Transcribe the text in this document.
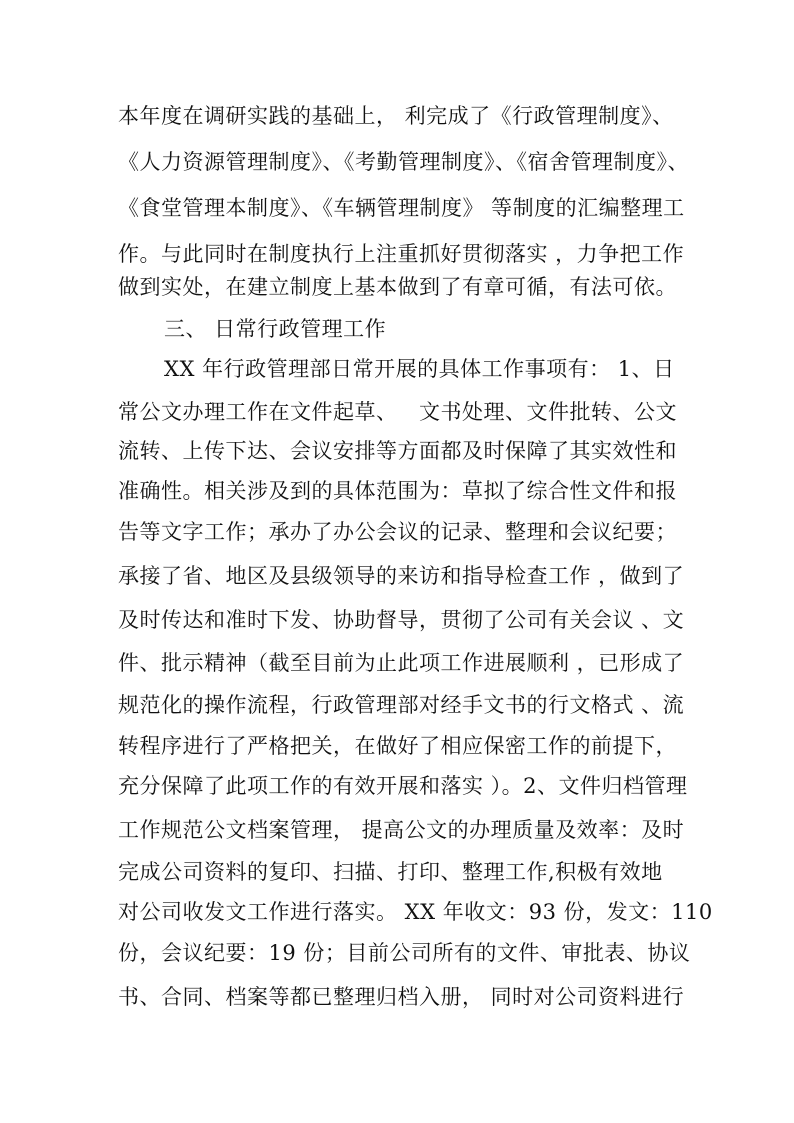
本年度在调研实践的基础上， 利完成了《行政管理制度》、
《人力资源管理制度》、《考勤管理制度》、《宿舍管理制度》、
《食堂管理本制度》、《车辆管理制度》 等制度的汇编整理工
作。与此同时在制度执行上注重抓好贯彻落实 ，力争把工作
做到实处，在建立制度上基本做到了有章可循，有法可依。
三、 日常行政管理工作
XX 年行政管理部日常开展的具体工作事项有： 1、日
常公文办理工作在文件起草、   文书处理、文件批转、公文
流转、上传下达、会议安排等方面都及时保障了其实效性和
准确性。相关涉及到的具体范围为：草拟了综合性文件和报
告等文字工作；承办了办公会议的记录、整理和会议纪要；
承接了省、地区及县级领导的来访和指导检查工作 ，做到了
及时传达和准时下发、协助督导，贯彻了公司有关会议 、文
件、批示精神（截至目前为止此项工作进展顺利 ，已形成了
规范化的操作流程，行政管理部对经手文书的行文格式 、流
转程序进行了严格把关，在做好了相应保密工作的前提下，
充分保障了此项工作的有效开展和落实 ）。2、文件归档管理
工作规范公文档案管理， 提高公文的办理质量及效率：及时
完成公司资料的复印、扫描、打印、整理工作,积极有效地
对公司收发文工作进行落实。 XX 年收文：93 份，发文：110
份，会议纪要：19 份；目前公司所有的文件、审批表、协议
书、合同、档案等都已整理归档入册， 同时对公司资料进行
